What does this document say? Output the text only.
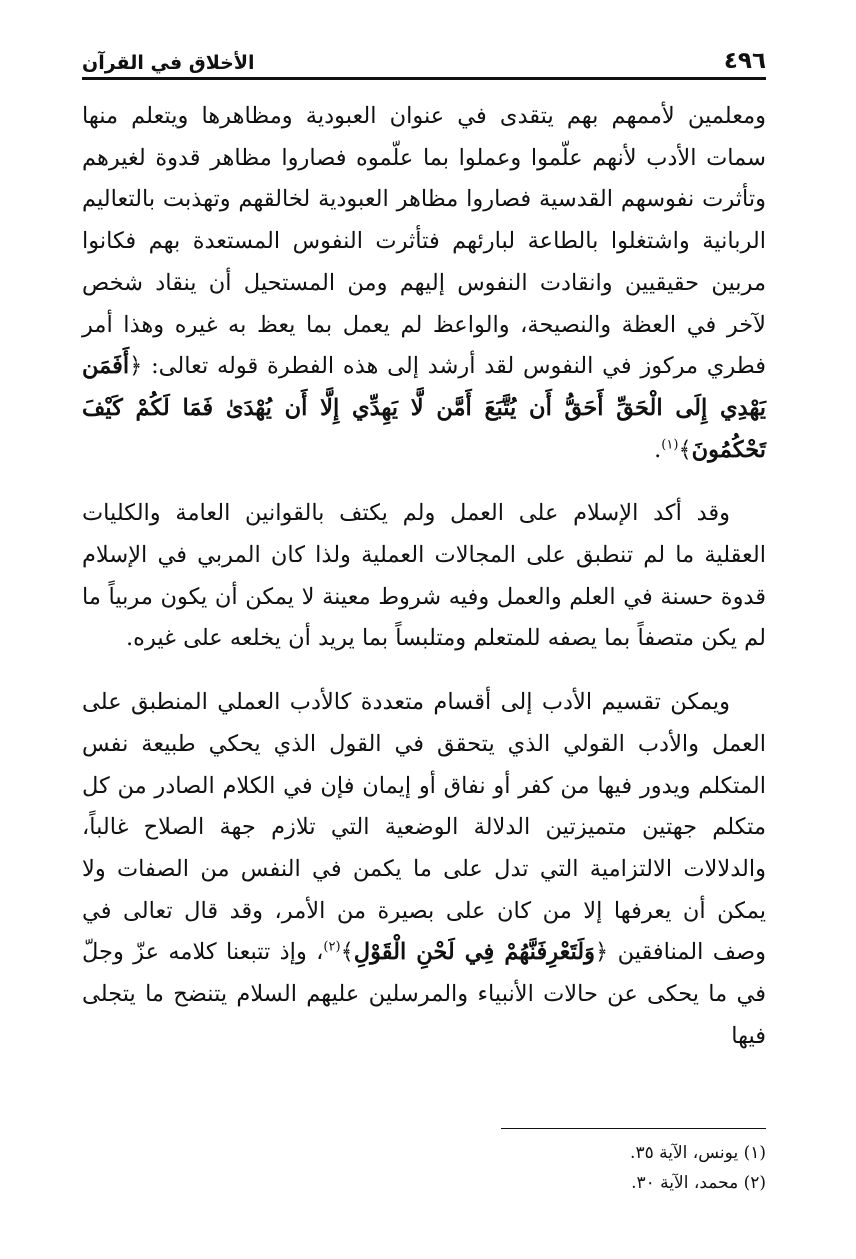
٤٩٦
الأخلاق في القرآن

ومعلمين لأممهم بهم يتقدى في عنوان العبودية ومظاهرها ويتعلم منها سمات الأدب لأنهم علّموا وعملوا بما علّموه فصاروا مظاهر قدوة لغيرهم وتأثرت نفوسهم القدسية فصاروا مظاهر العبودية لخالقهم وتهذبت بالتعاليم الربانية واشتغلوا بالطاعة لبارئهم فتأثرت النفوس المستعدة بهم فكانوا مربين حقيقيين وانقادت النفوس إليهم ومن المستحيل أن ينقاد شخص لآخر في العظة والنصيحة، والواعظ لم يعمل بما يعظ به غيره وهذا أمر فطري مركوز في النفوس لقد أرشد إلى هذه الفطرة قوله تعالى: ﴿أَفَمَن يَهْدِي إِلَى الْحَقِّ أَحَقُّ أَن يُتَّبَعَ أَمَّن لَّا يَهِدِّي إِلَّا أَن يُهْدَىٰ فَمَا لَكُمْ كَيْفَ تَحْكُمُونَ﴾$^{(١)}$.

وقد أكد الإسلام على العمل ولم يكتف بالقوانين العامة والكليات العقلية ما لم تنطبق على المجالات العملية ولذا كان المربي في الإسلام قدوة حسنة في العلم والعمل وفيه شروط معينة لا يمكن أن يكون مربياً ما لم يكن متصفاً بما يصفه للمتعلم ومتلبساً بما يريد أن يخلعه على غيره.

ويمكن تقسيم الأدب إلى أقسام متعددة كالأدب العملي المنطبق على العمل والأدب القولي الذي يتحقق في القول الذي يحكي طبيعة نفس المتكلم ويدور فيها من كفر أو نفاق أو إيمان فإن في الكلام الصادر من كل متكلم جهتين متميزتين الدلالة الوضعية التي تلازم جهة الصلاح غالباً، والدلالات الالتزامية التي تدل على ما يكمن في النفس من الصفات ولا يمكن أن يعرفها إلا من كان على بصيرة من الأمر، وقد قال تعالى في وصف المنافقين ﴿وَلَتَعْرِفَنَّهُمْ فِي لَحْنِ الْقَوْلِ﴾$^{(٢)}$، وإذ تتبعنا كلامه عزّ وجلّ في ما يحكى عن حالات الأنبياء والمرسلين عليهم السلام يتنضح ما يتجلى فيها

(١) يونس، الآية ٣٥.

(٢) محمد، الآية ٣٠.
